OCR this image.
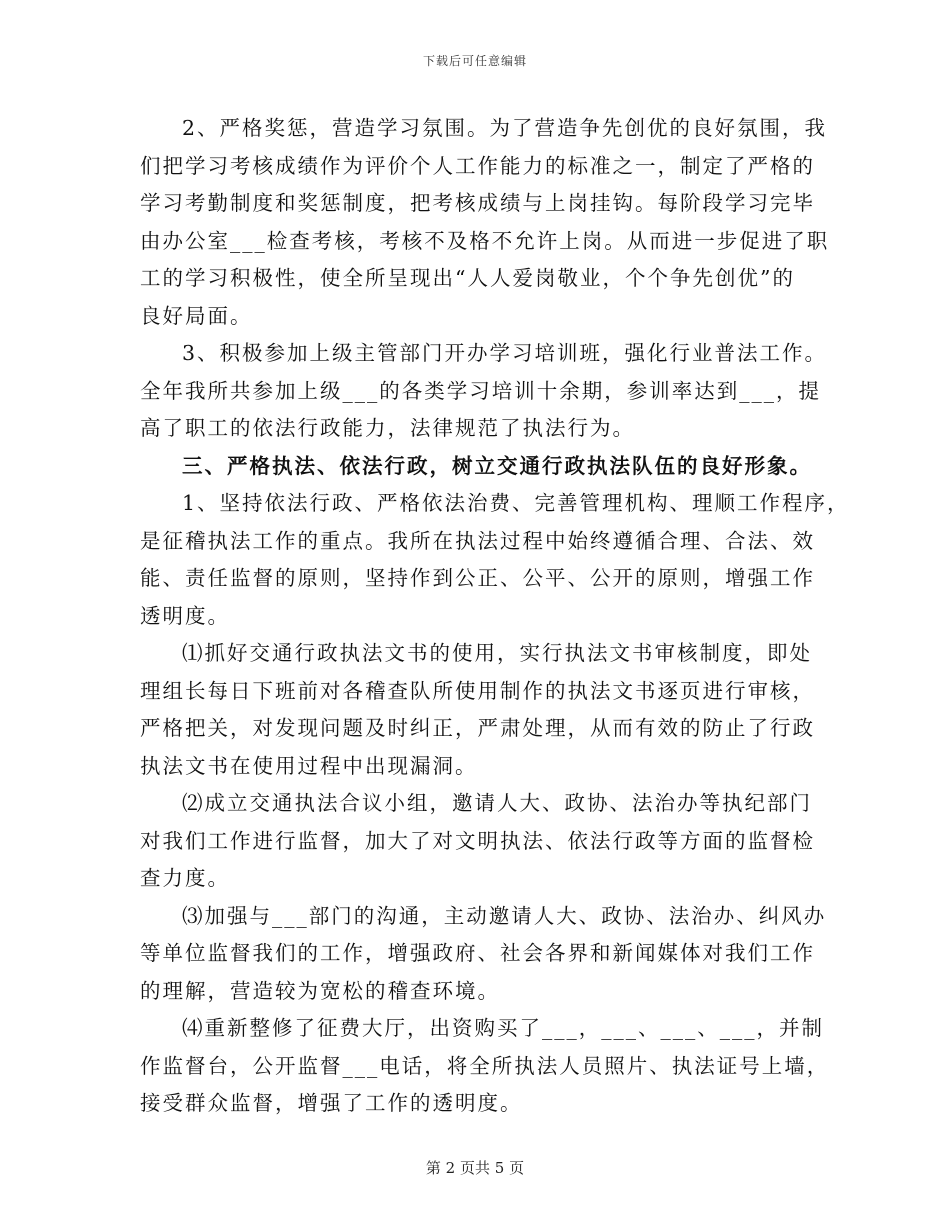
下载后可任意编辑
2、严格奖惩，营造学习氛围。为了营造争先创优的良好氛围，我
们把学习考核成绩作为评价个人工作能力的标准之一，制定了严格的
学习考勤制度和奖惩制度，把考核成绩与上岗挂钩。每阶段学习完毕
由办公室___检查考核，考核不及格不允许上岗。从而进一步促进了职
工的学习积极性，使全所呈现出“人人爱岗敬业，个个争先创优”的
良好局面。
3、积极参加上级主管部门开办学习培训班，强化行业普法工作。
全年我所共参加上级___的各类学习培训十余期，参训率达到___，提
高了职工的依法行政能力，法律规范了执法行为。
三、严格执法、依法行政，树立交通行政执法队伍的良好形象。
1、坚持依法行政、严格依法治费、完善管理机构、理顺工作程序，
是征稽执法工作的重点。我所在执法过程中始终遵循合理、合法、效
能、责任监督的原则，坚持作到公正、公平、公开的原则，增强工作
透明度。
⑴抓好交通行政执法文书的使用，实行执法文书审核制度，即处
理组长每日下班前对各稽查队所使用制作的执法文书逐页进行审核，
严格把关，对发现问题及时纠正，严肃处理，从而有效的防止了行政
执法文书在使用过程中出现漏洞。
⑵成立交通执法合议小组，邀请人大、政协、法治办等执纪部门
对我们工作进行监督，加大了对文明执法、依法行政等方面的监督检
查力度。
⑶加强与___部门的沟通，主动邀请人大、政协、法治办、纠风办
等单位监督我们的工作，增强政府、社会各界和新闻媒体对我们工作
的理解，营造较为宽松的稽查环境。
⑷重新整修了征费大厅，出资购买了___，___、___、___，并制
作监督台，公开监督___电话，将全所执法人员照片、执法证号上墙，
接受群众监督，增强了工作的透明度。
第 2 页共 5 页
